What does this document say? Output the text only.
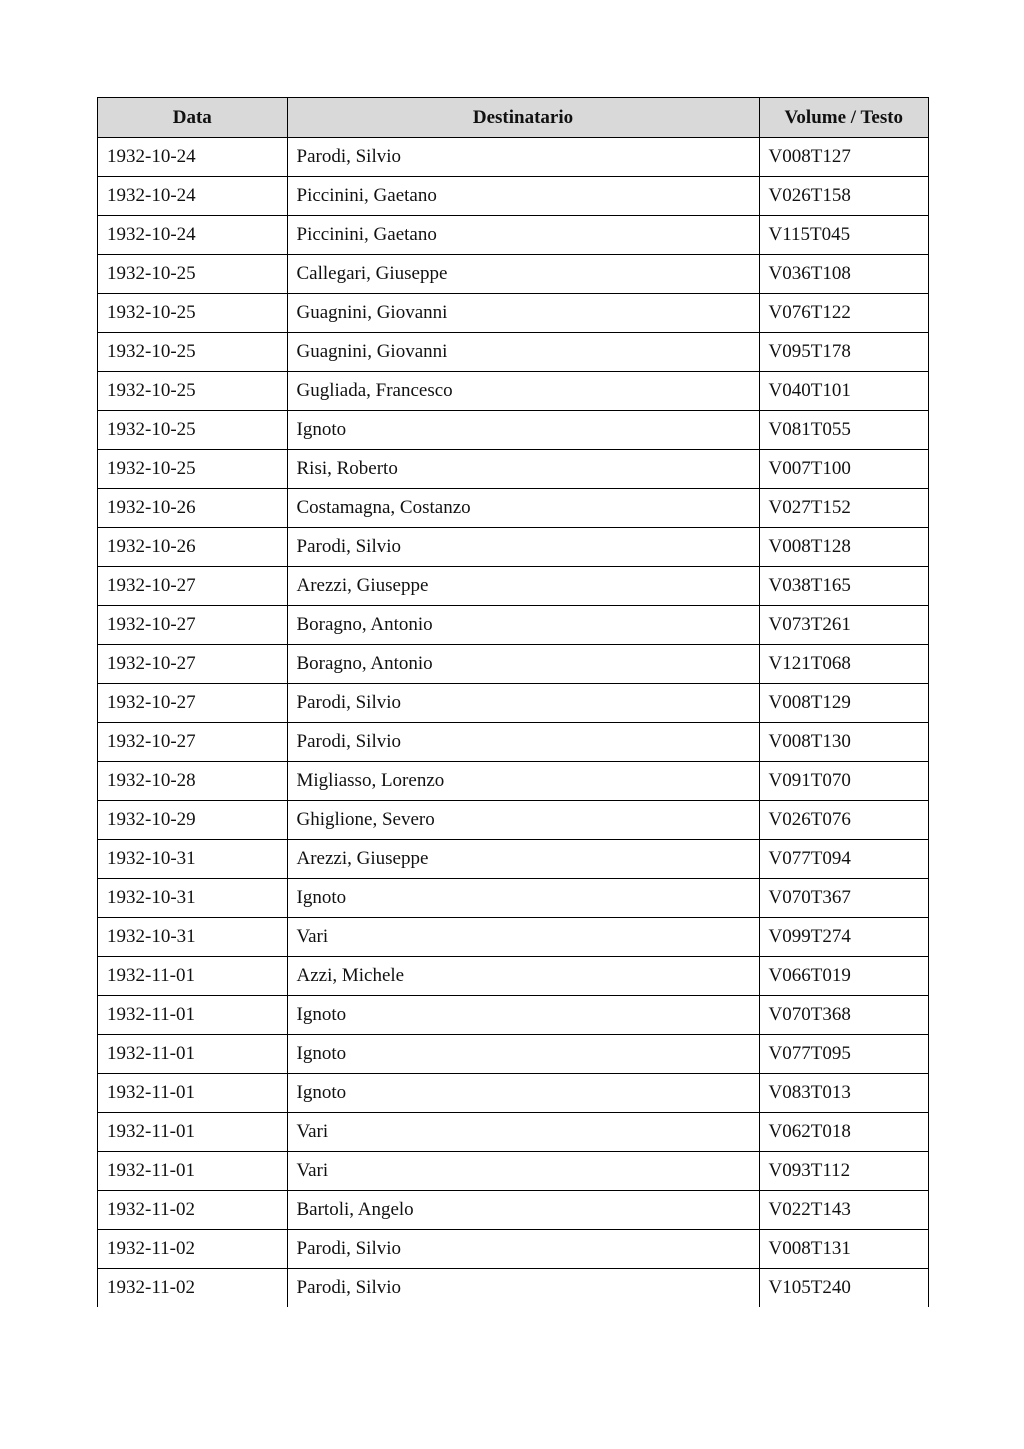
Data	Destinatario	Volume / Testo
1932-10-24	Parodi, Silvio	V008T127
1932-10-24	Piccinini, Gaetano	V026T158
1932-10-24	Piccinini, Gaetano	V115T045
1932-10-25	Callegari, Giuseppe	V036T108
1932-10-25	Guagnini, Giovanni	V076T122
1932-10-25	Guagnini, Giovanni	V095T178
1932-10-25	Gugliada, Francesco	V040T101
1932-10-25	Ignoto	V081T055
1932-10-25	Risi, Roberto	V007T100
1932-10-26	Costamagna, Costanzo	V027T152
1932-10-26	Parodi, Silvio	V008T128
1932-10-27	Arezzi, Giuseppe	V038T165
1932-10-27	Boragno, Antonio	V073T261
1932-10-27	Boragno, Antonio	V121T068
1932-10-27	Parodi, Silvio	V008T129
1932-10-27	Parodi, Silvio	V008T130
1932-10-28	Migliasso, Lorenzo	V091T070
1932-10-29	Ghiglione, Severo	V026T076
1932-10-31	Arezzi, Giuseppe	V077T094
1932-10-31	Ignoto	V070T367
1932-10-31	Vari	V099T274
1932-11-01	Azzi, Michele	V066T019
1932-11-01	Ignoto	V070T368
1932-11-01	Ignoto	V077T095
1932-11-01	Ignoto	V083T013
1932-11-01	Vari	V062T018
1932-11-01	Vari	V093T112
1932-11-02	Bartoli, Angelo	V022T143
1932-11-02	Parodi, Silvio	V008T131
1932-11-02	Parodi, Silvio	V105T240
